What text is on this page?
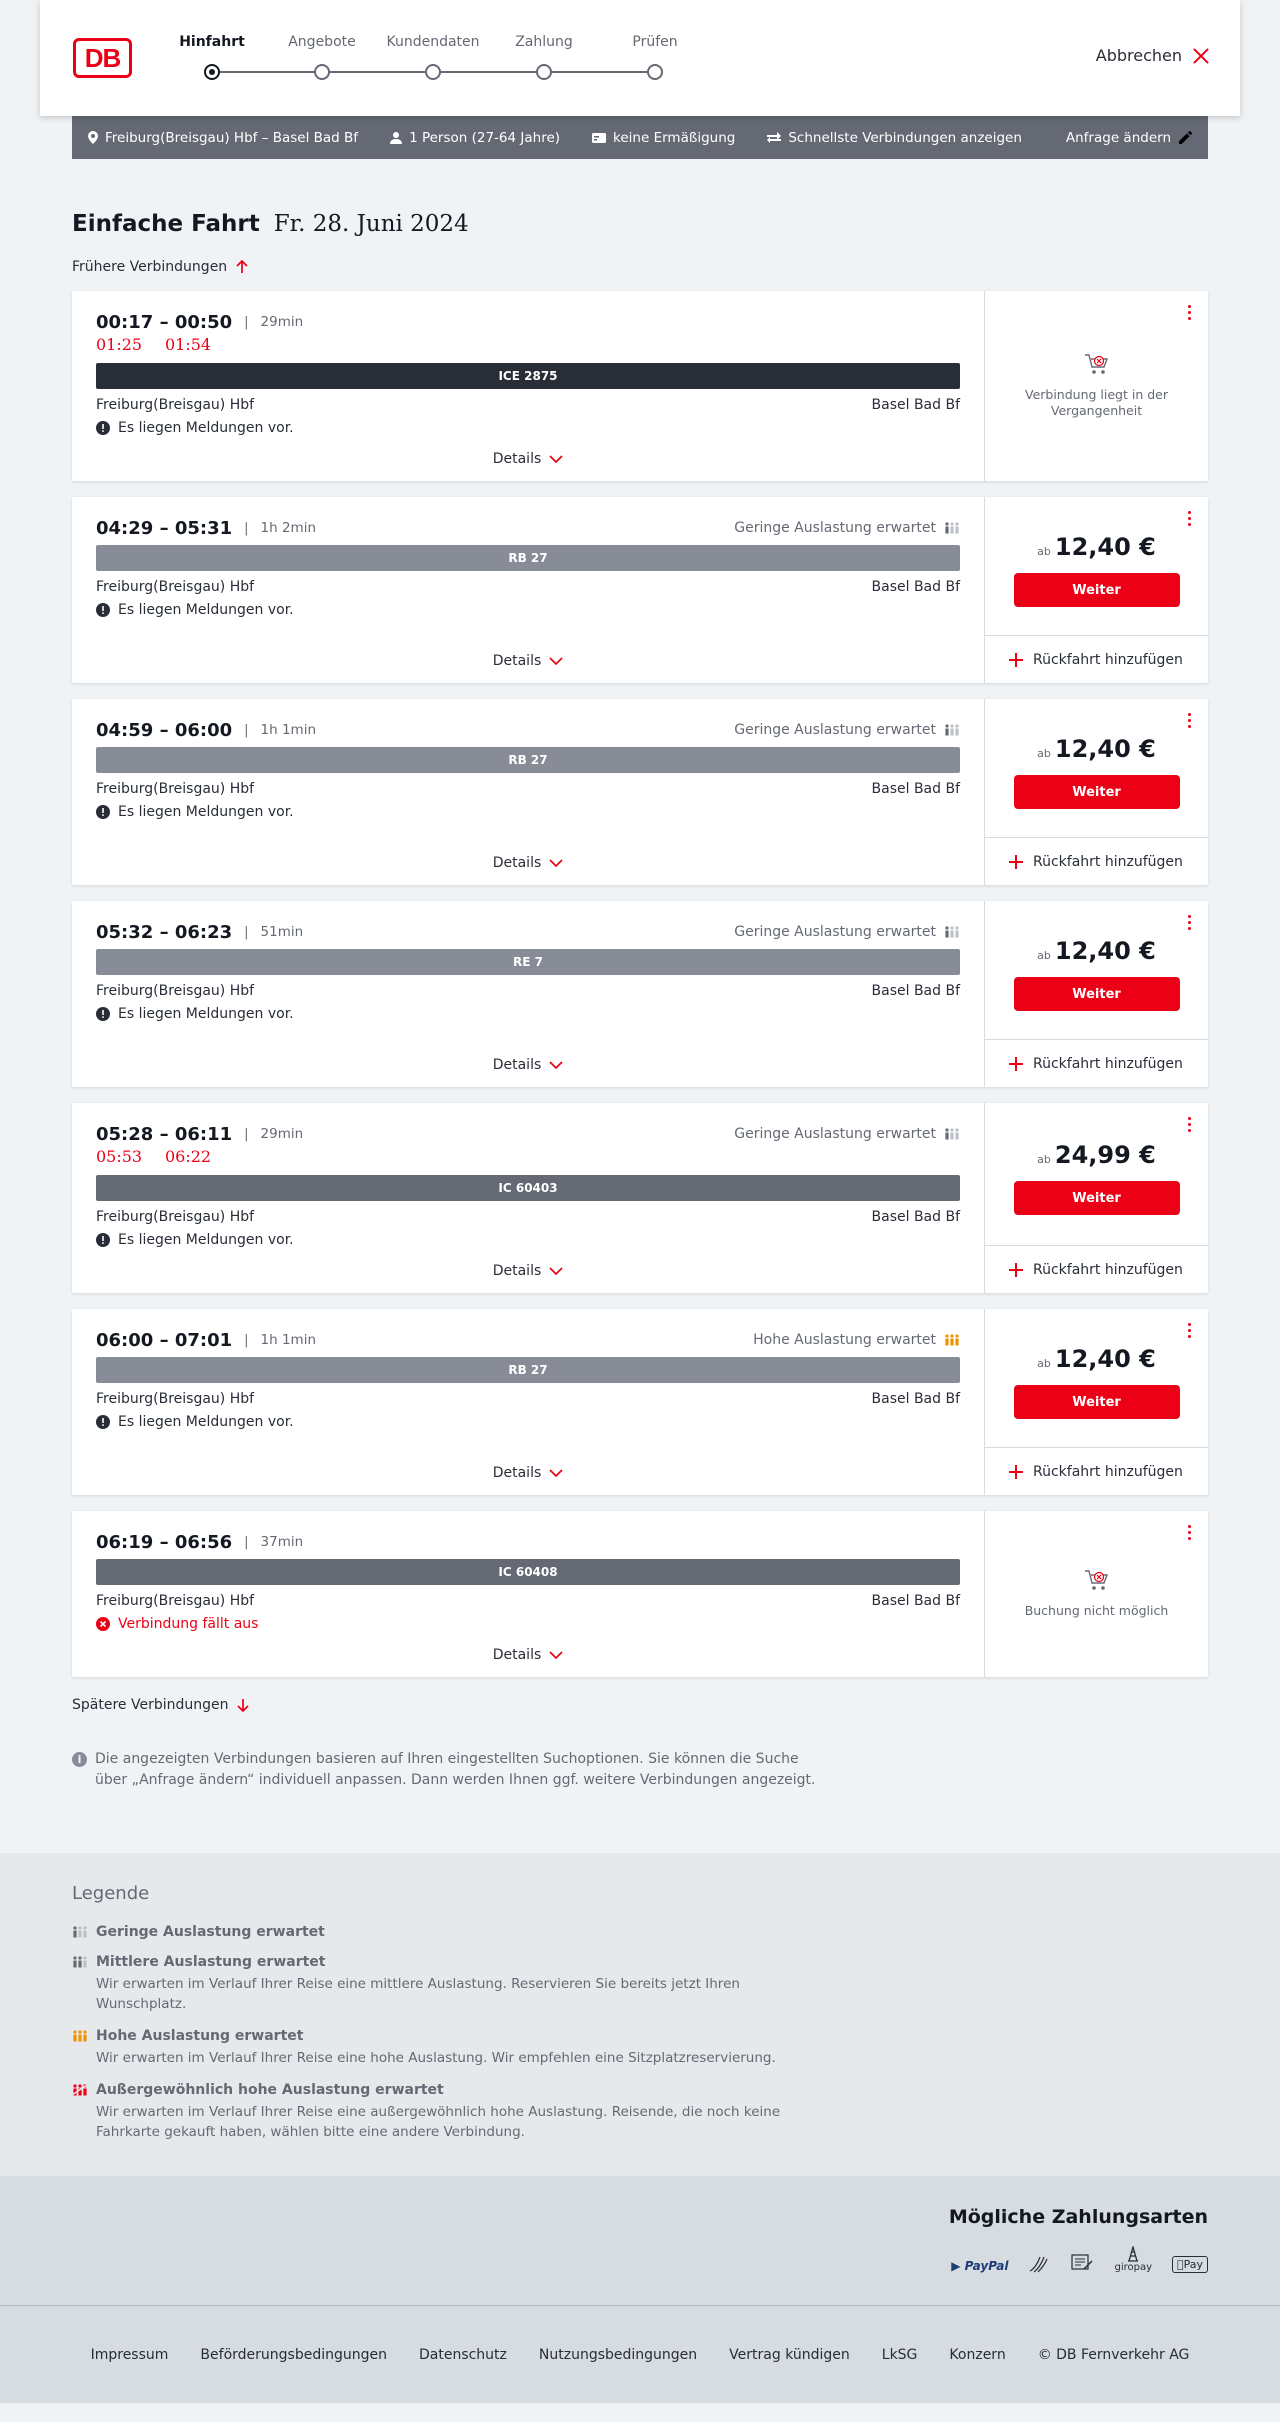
DB
Hinfahrt	Angebote	Kundendaten	Zahlung	Prüfen
Abbrechen
Freiburg(Breisgau) Hbf – Basel Bad Bf	1 Person (27-64 Jahre)	keine Ermäßigung	Schnellste Verbindungen anzeigen	Anfrage ändern
Einfache Fahrt Fr. 28. Juni 2024
Frühere Verbindungen
00:17 – 00:50 | 29min
01:25 01:54
ICE 2875
Freiburg(Breisgau) Hbf	Basel Bad Bf
Es liegen Meldungen vor.
Details
Verbindung liegt in der Vergangenheit
04:29 – 05:31 | 1h 2min	Geringe Auslastung erwartet
RB 27
Freiburg(Breisgau) Hbf	Basel Bad Bf
Es liegen Meldungen vor.
Details
ab 12,40 €
Weiter
Rückfahrt hinzufügen
04:59 – 06:00 | 1h 1min	Geringe Auslastung erwartet
RB 27
Freiburg(Breisgau) Hbf	Basel Bad Bf
Es liegen Meldungen vor.
Details
ab 12,40 €
Weiter
Rückfahrt hinzufügen
05:32 – 06:23 | 51min	Geringe Auslastung erwartet
RE 7
Freiburg(Breisgau) Hbf	Basel Bad Bf
Es liegen Meldungen vor.
Details
ab 12,40 €
Weiter
Rückfahrt hinzufügen
05:28 – 06:11 | 29min	Geringe Auslastung erwartet
05:53 06:22
IC 60403
Freiburg(Breisgau) Hbf	Basel Bad Bf
Es liegen Meldungen vor.
Details
ab 24,99 €
Weiter
Rückfahrt hinzufügen
06:00 – 07:01 | 1h 1min	Hohe Auslastung erwartet
RB 27
Freiburg(Breisgau) Hbf	Basel Bad Bf
Es liegen Meldungen vor.
Details
ab 12,40 €
Weiter
Rückfahrt hinzufügen
06:19 – 06:56 | 37min
IC 60408
Freiburg(Breisgau) Hbf	Basel Bad Bf
Verbindung fällt aus
Details
Buchung nicht möglich
Spätere Verbindungen
i Die angezeigten Verbindungen basieren auf Ihren eingestellten Suchoptionen. Sie können die Suche über „Anfrage ändern“ individuell anpassen. Dann werden Ihnen ggf. weitere Verbindungen angezeigt.
Legende
Geringe Auslastung erwartet
Mittlere Auslastung erwartet
Wir erwarten im Verlauf Ihrer Reise eine mittlere Auslastung. Reservieren Sie bereits jetzt Ihren Wunschplatz.
Hohe Auslastung erwartet
Wir erwarten im Verlauf Ihrer Reise eine hohe Auslastung. Wir empfehlen eine Sitzplatzreservierung.
Außergewöhnlich hohe Auslastung erwartet
Wir erwarten im Verlauf Ihrer Reise eine außergewöhnlich hohe Auslastung. Reisende, die noch keine Fahrkarte gekauft haben, wählen bitte eine andere Verbindung.
Mögliche Zahlungsarten
▶ PayPal	giropay	Pay
Impressum Beförderungsbedingungen Datenschutz Nutzungsbedingungen Vertrag kündigen LkSG Konzern © DB Fernverkehr AG
